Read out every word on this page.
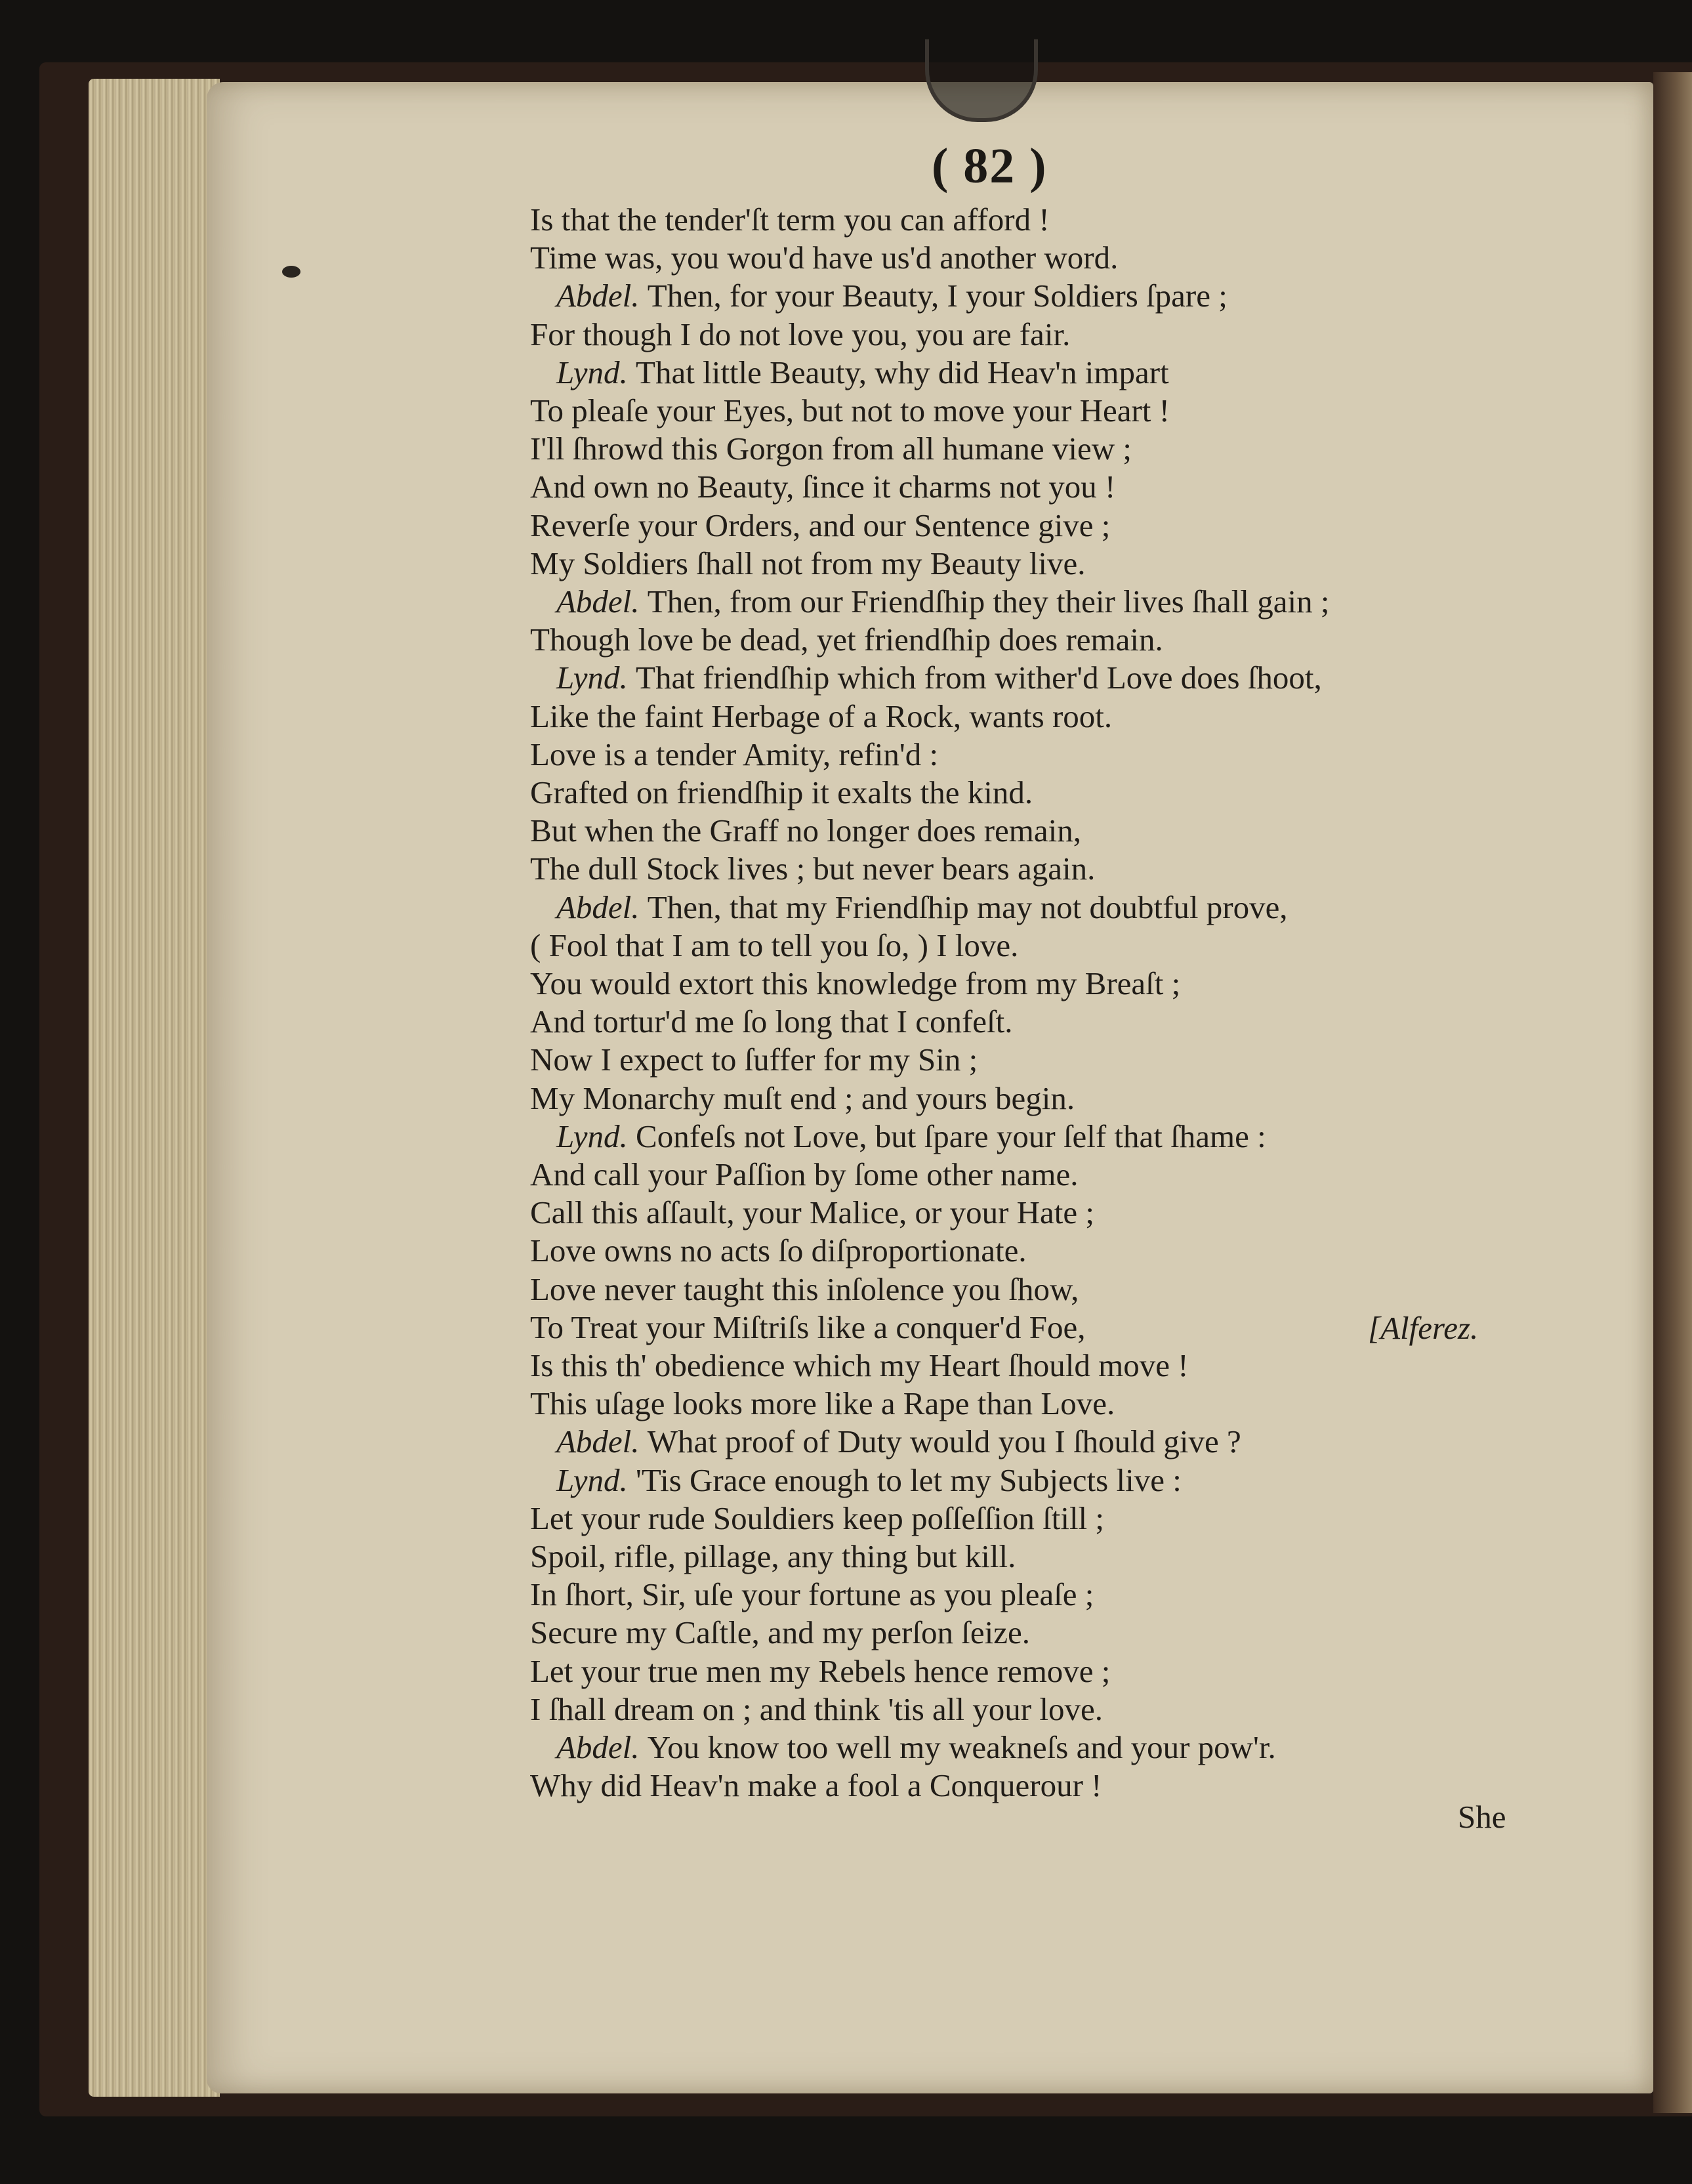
( 82 )
Is that the tender'ſt term you can afford !
Time was, you wou'd have us'd another word.
Abdel. Then, for your Beauty, I your Soldiers ſpare ;
For though I do not love you, you are fair.
Lynd. That little Beauty, why did Heav'n impart
To pleaſe your Eyes, but not to move your Heart !
I'll ſhrowd this Gorgon from all humane view ;
And own no Beauty, ſince it charms not you !
Reverſe your Orders, and our Sentence give ;
My Soldiers ſhall not from my Beauty live.
Abdel. Then, from our Friendſhip they their lives ſhall gain ;
Though love be dead, yet friendſhip does remain.
Lynd. That friendſhip which from wither'd Love does ſhoot,
Like the faint Herbage of a Rock, wants root.
Love is a tender Amity, refin'd :
Grafted on friendſhip it exalts the kind.
But when the Graff no longer does remain,
The dull Stock lives ; but never bears again.
Abdel. Then, that my Friendſhip may not doubtful prove,
( Fool that I am to tell you ſo, ) I love.
You would extort this knowledge from my Breaſt ;
And tortur'd me ſo long that I confeſt.
Now I expect to ſuffer for my Sin ;
My Monarchy muſt end ; and yours begin.
Lynd. Confeſs not Love, but ſpare your ſelf that ſhame :
And call your Paſſion by ſome other name.
Call this aſſault, your Malice, or your Hate ;
Love owns no acts ſo diſproportionate.
Love never taught this inſolence you ſhow,
To Treat your Miſtriſs like a conquer'd Foe,
Is this th' obedience which my Heart ſhould move !
This uſage looks more like a Rape than Love.
Abdel. What proof of Duty would you I ſhould give ?
Lynd. 'Tis Grace enough to let my Subjects live :
Let your rude Souldiers keep poſſeſſion ſtill ;
Spoil, rifle, pillage, any thing but kill.
In ſhort, Sir, uſe your fortune as you pleaſe ;
Secure my Caſtle, and my perſon ſeize.
Let your true men my Rebels hence remove ;
I ſhall dream on ; and think 'tis all your love.
Abdel. You know too well my weakneſs and your pow'r.
Why did Heav'n make a fool a Conquerour !
[Alferez.
She
